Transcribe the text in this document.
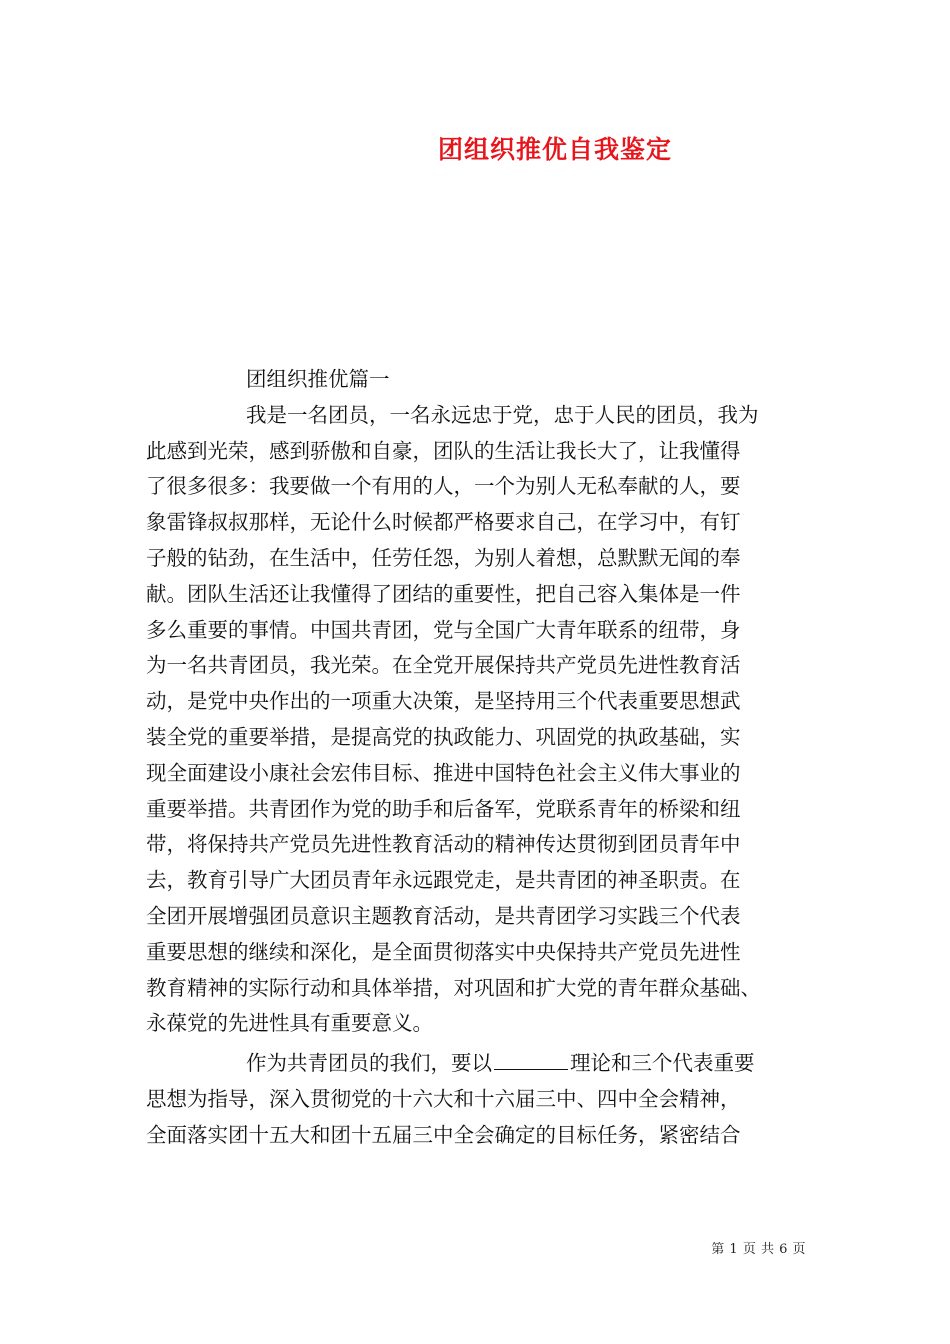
团组织推优自我鉴定
团组织推优篇一
我是一名团员，一名永远忠于党，忠于人民的团员，我为
此感到光荣，感到骄傲和自豪，团队的生活让我长大了，让我懂得
了很多很多：我要做一个有用的人，一个为别人无私奉献的人，要
象雷锋叔叔那样，无论什么时候都严格要求自己，在学习中，有钉
子般的钻劲，在生活中，任劳任怨，为别人着想，总默默无闻的奉
献。团队生活还让我懂得了团结的重要性，把自己容入集体是一件
多么重要的事情。中国共青团，党与全国广大青年联系的纽带，身
为一名共青团员，我光荣。在全党开展保持共产党员先进性教育活
动，是党中央作出的一项重大决策，是坚持用三个代表重要思想武
装全党的重要举措，是提高党的执政能力、巩固党的执政基础，实
现全面建设小康社会宏伟目标、推进中国特色社会主义伟大事业的
重要举措。共青团作为党的助手和后备军，党联系青年的桥梁和纽
带，将保持共产党员先进性教育活动的精神传达贯彻到团员青年中
去，教育引导广大团员青年永远跟党走，是共青团的神圣职责。在
全团开展增强团员意识主题教育活动，是共青团学习实践三个代表
重要思想的继续和深化，是全面贯彻落实中央保持共产党员先进性
教育精神的实际行动和具体举措，对巩固和扩大党的青年群众基础、
永葆党的先进性具有重要意义。
作为共青团员的我们，要以	理论和三个代表重要
思想为指导，深入贯彻党的十六大和十六届三中、四中全会精神，
全面落实团十五大和团十五届三中全会确定的目标任务，紧密结合
第 1 页 共 6 页
